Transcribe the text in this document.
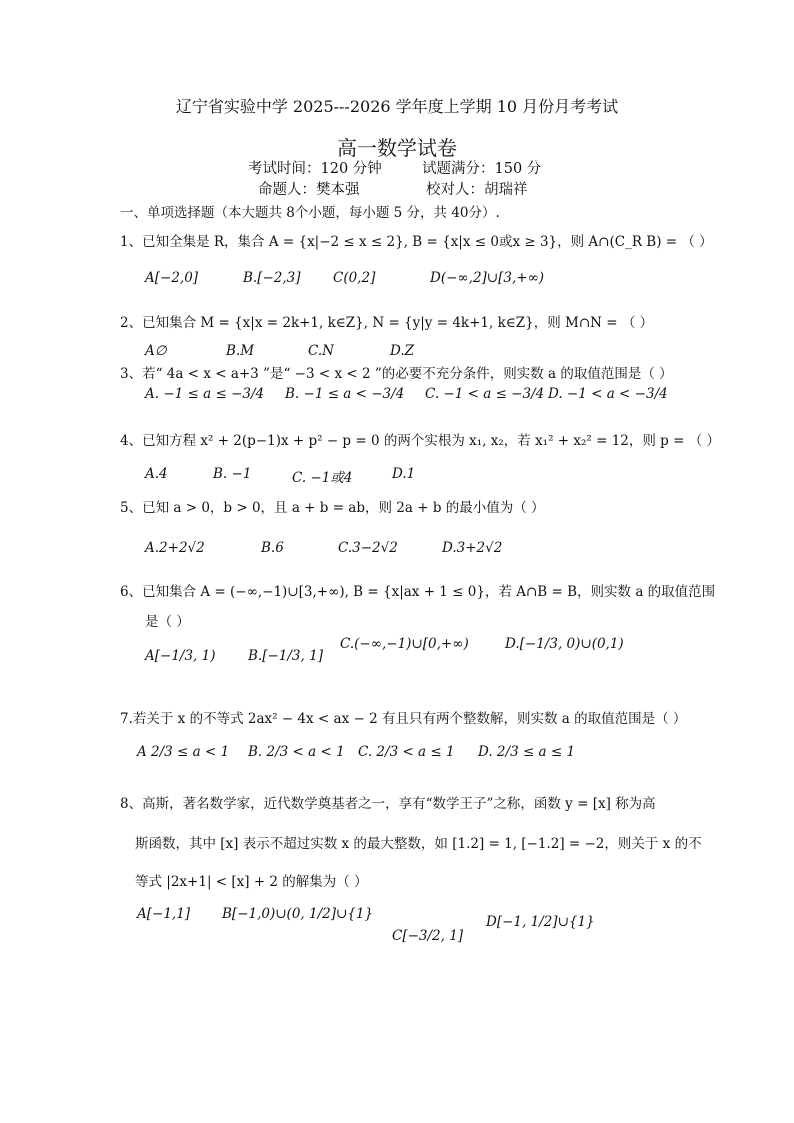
辽宁省实验中学 2025---2026 学年度上学期 10 月份月考考试
高一数学试卷
考试时间：120 分钟	试题满分：150 分
命题人：樊本强	校对人：胡瑞祥
一、单项选择题（本大题共 8个小题，每小题 5 分，共 40分）.
1、已知全集是 R，集合 A = {x|−2 ≤ x ≤ 2}, B = {x|x ≤ 0或x ≥ 3}，则 A∩(C_R B) = （ ）
A[−2,0]	B.[−2,3] C(0,2]	D(−∞,2]∪[3,+∞)
2、已知集合 M = {x|x = 2k+1, k∈Z}, N = {y|y = 4k+1, k∈Z}，则 M∩N = （ ）
A∅	B.M	C.N	D.Z
3、若“ 4a < x < a+3 ”是“ −3 < x < 2 ”的必要不充分条件，则实数 a 的取值范围是（ ）
A. −1 ≤ a ≤ −3/4 B. −1 ≤ a < −3/4 C. −1 < a ≤ −3/4 D. −1 < a < −3/4
4、已知方程 x² + 2(p−1)x + p² − p = 0 的两个实根为 x₁, x₂，若 x₁² + x₂² = 12，则 p = （ ）
A.4	B. −1	C. −1或4	D.1
5、已知 a > 0，b > 0，且 a + b = ab，则 2a + b 的最小值为（ ）
A.2+2√2	B.6	C.3−2√2	D.3+2√2
6、已知集合 A = (−∞,−1)∪[3,+∞), B = {x|ax + 1 ≤ 0}，若 A∩B = B，则实数 a 的取值范围
是（ ）
A[−1/3, 1) B.[−1/3, 1]
C.(−∞,−1)∪[0,+∞)	D.[−1/3, 0)∪(0,1)
7.若关于 x 的不等式 2ax² − 4x < ax − 2 有且只有两个整数解，则实数 a 的取值范围是（ ）
A 2/3 ≤ a < 1 B. 2/3 < a < 1 C. 2/3 < a ≤ 1 D. 2/3 ≤ a ≤ 1
8、高斯，著名数学家，近代数学奠基者之一，享有“数学王子”之称，函数 y = [x] 称为高
斯函数，其中 [x] 表示不超过实数 x 的最大整数，如 [1.2] = 1, [−1.2] = −2，则关于 x 的不
等式 |2x+1| < [x] + 2 的解集为（ ）
A[−1,1] B[−1,0)∪(0, 1/2]∪{1}
C[−3/2, 1]
D[−1, 1/2]∪{1}
